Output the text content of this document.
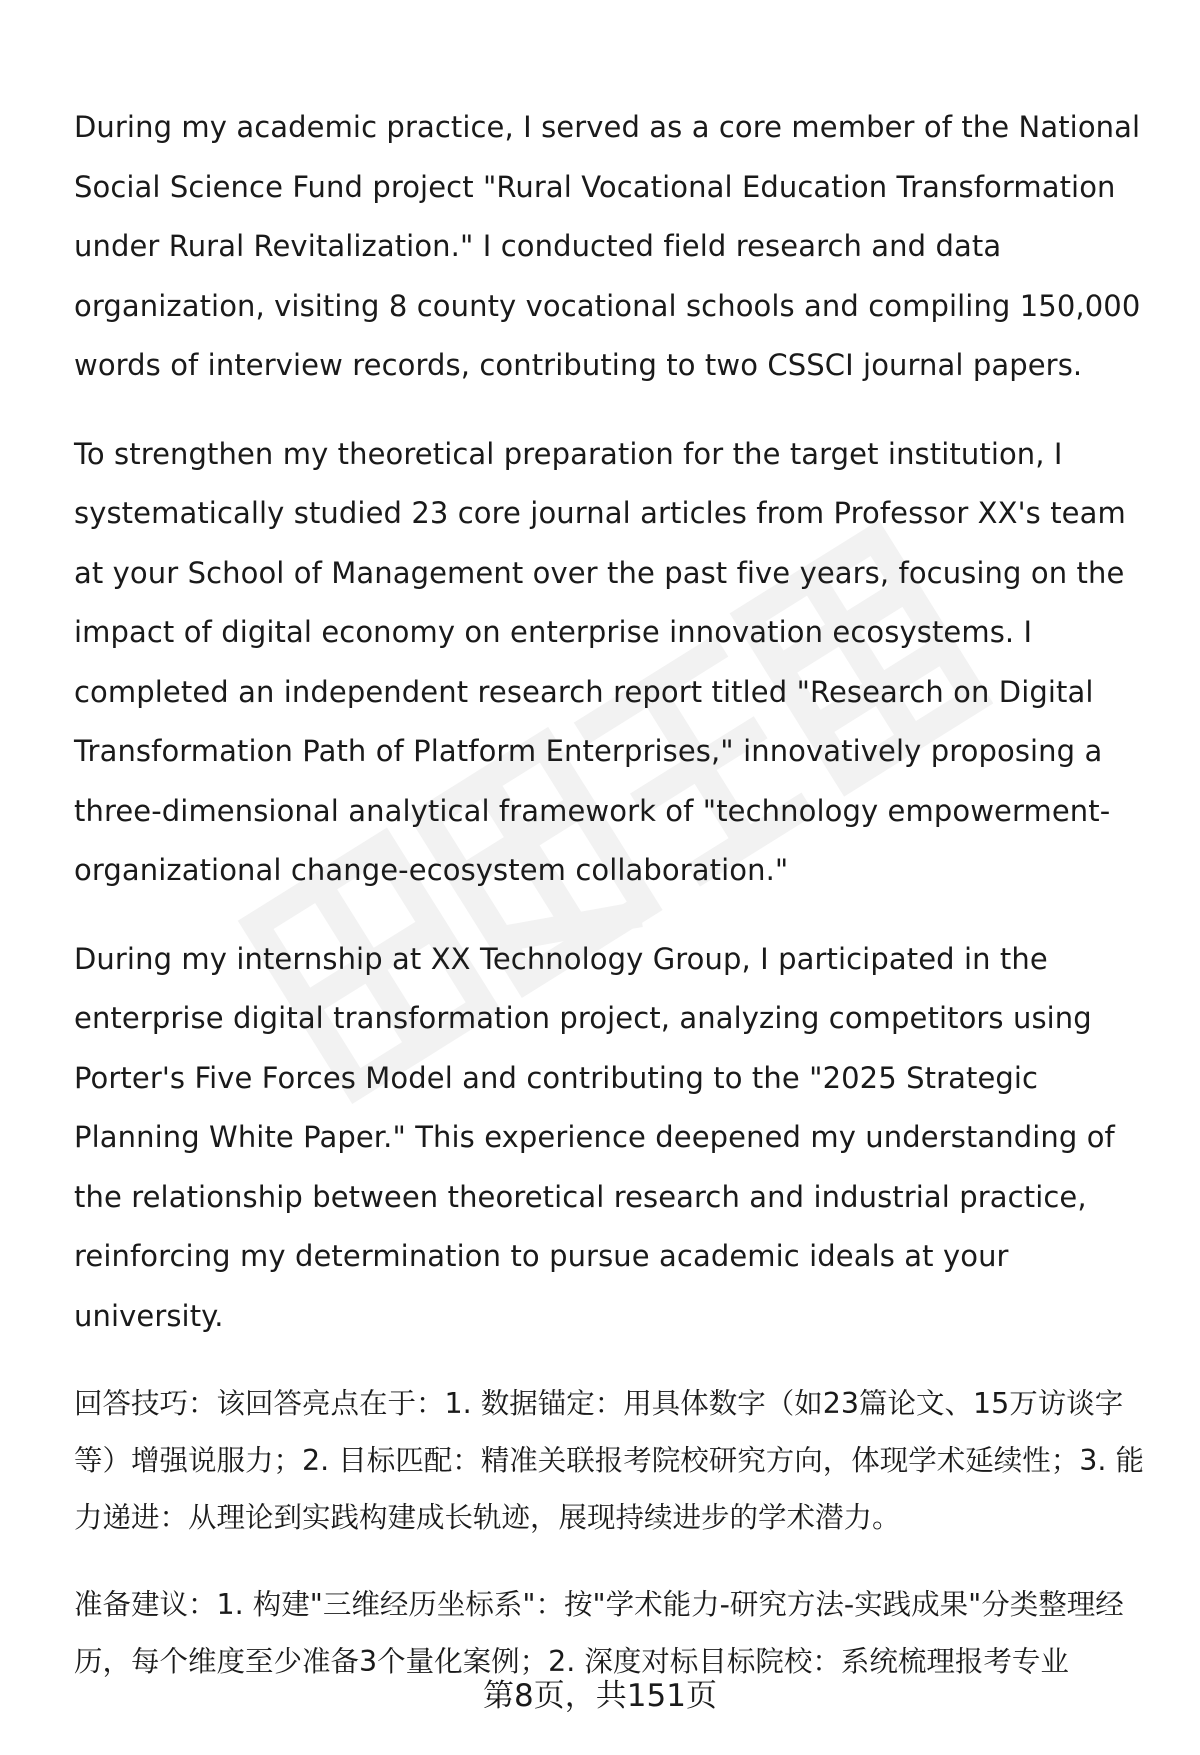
During my academic practice, I served as a core member of the National Social Science Fund project "Rural Vocational Education Transformation under Rural Revitalization." I conducted field research and data organization, visiting 8 county vocational schools and compiling 150,000 words of interview records, contributing to two CSSCI journal papers.

To strengthen my theoretical preparation for the target institution, I systematically studied 23 core journal articles from Professor XX's team at your School of Management over the past five years, focusing on the impact of digital economy on enterprise innovation ecosystems. I completed an independent research report titled "Research on Digital Transformation Path of Platform Enterprises," innovatively proposing a three-dimensional analytical framework of "technology empowerment-organizational change-ecosystem collaboration."

During my internship at XX Technology Group, I participated in the enterprise digital transformation project, analyzing competitors using Porter's Five Forces Model and contributing to the "2025 Strategic Planning White Paper." This experience deepened my understanding of the relationship between theoretical research and industrial practice, reinforcing my determination to pursue academic ideals at your university.

回答技巧：该回答亮点在于：1. 数据锚定：用具体数字（如23篇论文、15万访谈字等）增强说服力；2. 目标匹配：精准关联报考院校研究方向，体现学术延续性；3. 能力递进：从理论到实践构建成长轨迹，展现持续进步的学术潜力。

准备建议：1. 构建"三维经历坐标系"：按"学术能力-研究方法-实践成果"分类整理经历，每个维度至少准备3个量化案例；2. 深度对标目标院校：系统梳理报考专业

第8页，共151页
